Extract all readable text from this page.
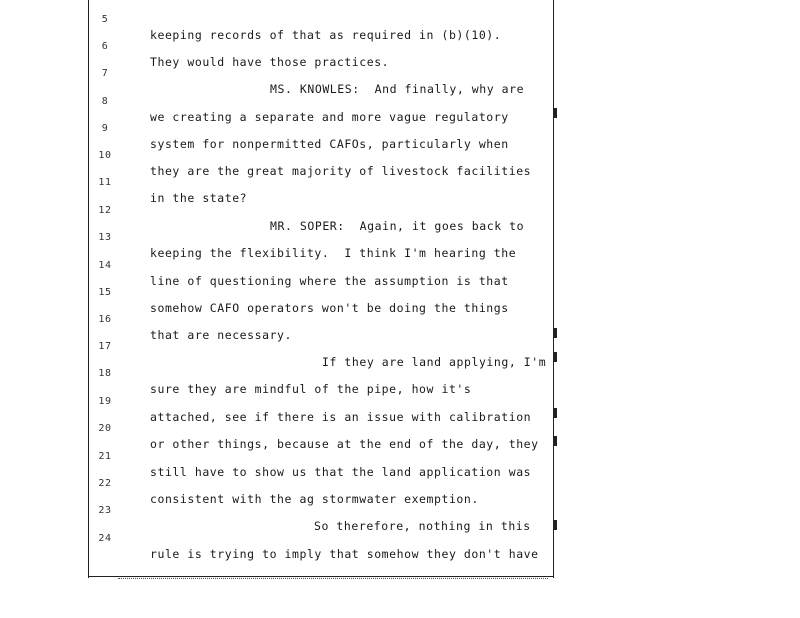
5

keeping records of that as required in (b)(10).

6

They would have those practices.

7

MS. KNOWLES:  And finally, why are

8

we creating a separate and more vague regulatory

9

system for nonpermitted CAFOs, particularly when

10

they are the great majority of livestock facilities

11

in the state?

12

MR. SOPER:  Again, it goes back to

13

keeping the flexibility.  I think I'm hearing the

14

line of questioning where the assumption is that

15

somehow CAFO operators won't be doing the things

16

that are necessary.

17

If they are land applying, I'm

18

sure they are mindful of the pipe, how it's

19

attached, see if there is an issue with calibration

20

or other things, because at the end of the day, they

21

still have to show us that the land application was

22

consistent with the ag stormwater exemption.

23

So therefore, nothing in this

24

rule is trying to imply that somehow they don't have
